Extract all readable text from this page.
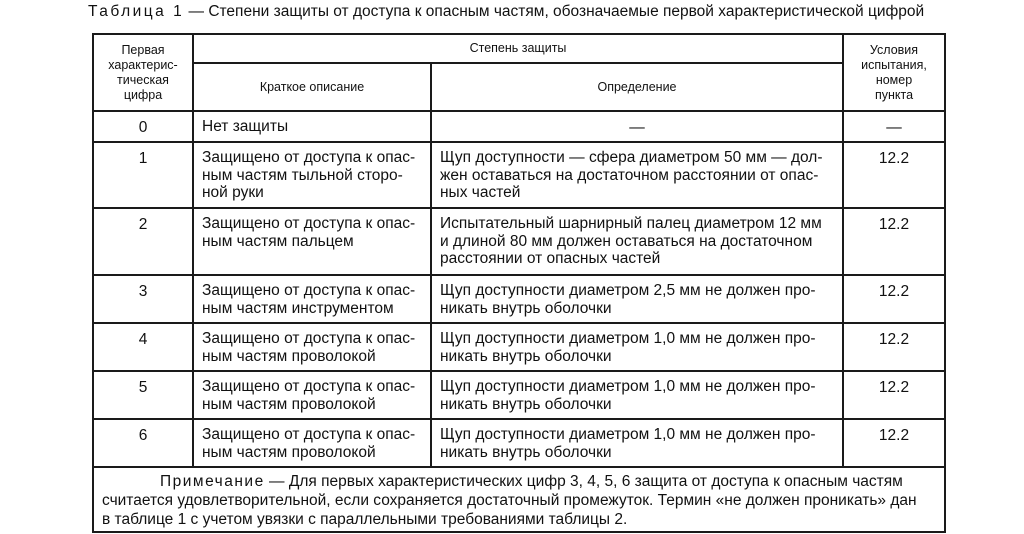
Таблица 1 — Степени защиты от доступа к опасным частям, обозначаемые первой характеристической цифрой
Первая
характерис-
тическая
цифра	Степень защиты		Условия
испытания,
номер
пункта

	Краткое описание	Определение	
0	Нет защиты	—	—
1	Защищено от доступа к опас-
ным частям тыльной сторо-
ной руки	Щуп доступности — сфера диаметром 50 мм — дол-
жен оставаться на достаточном расстоянии от опас-
ных частей	12.2
2	Защищено от доступа к опас-
ным частям пальцем	Испытательный шарнирный палец диаметром 12 мм
и длиной 80 мм должен оставаться на достаточном
расстоянии от опасных частей	12.2
3	Защищено от доступа к опас-
ным частям инструментом	Щуп доступности диаметром 2,5 мм не должен про-
никать внутрь оболочки	12.2
4	Защищено от доступа к опас-
ным частям проволокой	Щуп доступности диаметром 1,0 мм не должен про-
никать внутрь оболочки	12.2
5	Защищено от доступа к опас-
ным частям проволокой	Щуп доступности диаметром 1,0 мм не должен про-
никать внутрь оболочки	12.2
6	Защищено от доступа к опас-
ным частям проволокой	Щуп доступности диаметром 1,0 мм не должен про-
никать внутрь оболочки	12.2

Примечание — Для первых характеристических цифр 3, 4, 5, 6 защита от доступа к опасным частям
считается удовлетворительной, если сохраняется достаточный промежуток. Термин «не должен проникать» дан
в таблице 1 с учетом увязки с параллельными требованиями таблицы 2.			
